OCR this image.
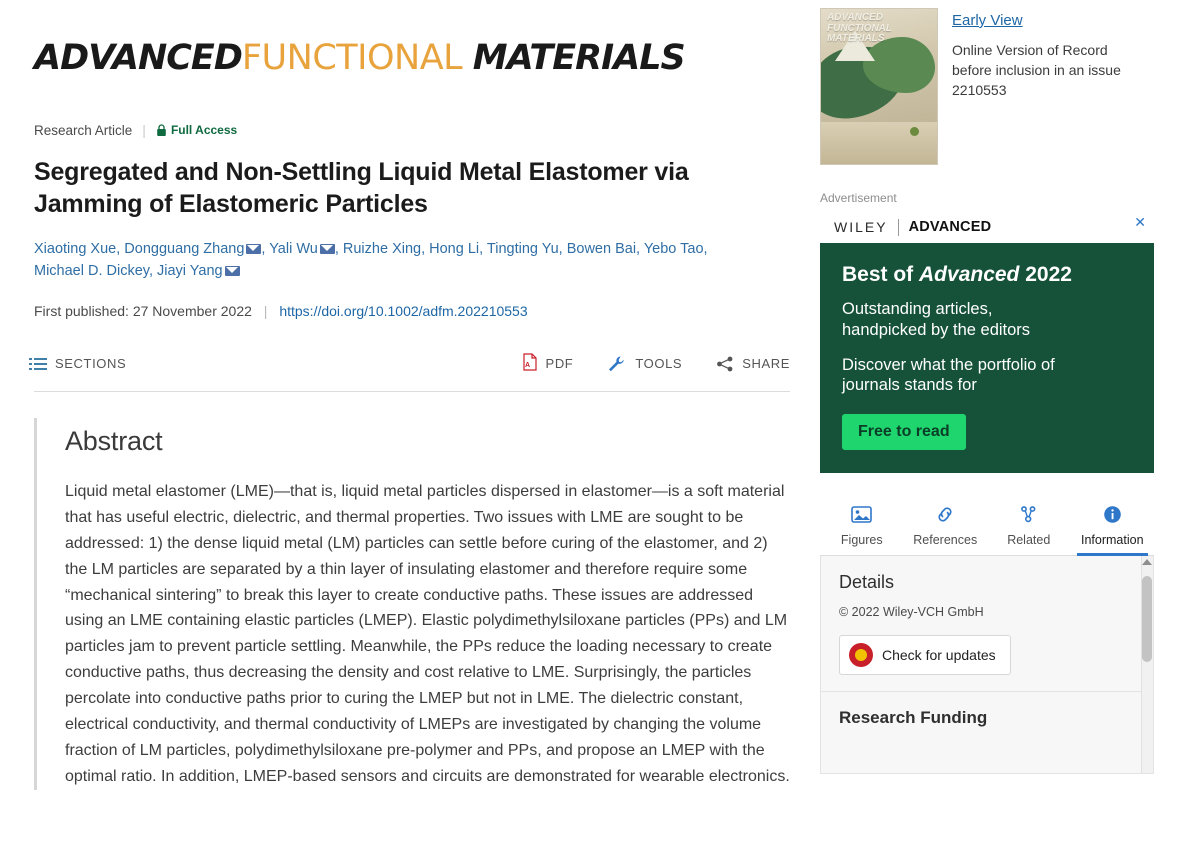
ADVANCEDFUNCTIONAL MATERIALS
Research Article | Full Access
Segregated and Non-Settling Liquid Metal Elastomer via Jamming of Elastomeric Particles
Xiaoting Xue, Dongguang Zhang , Yali Wu , Ruizhe Xing, Hong Li, Tingting Yu, Bowen Bai, Yebo Tao,
Michael D. Dickey, Jiayi Yang
First published: 27 November 2022 | https://doi.org/10.1002/adfm.202210553
SECTIONS	A PDF	TOOLS	SHARE
Abstract
Liquid metal elastomer (LME)—that is, liquid metal particles dispersed in elastomer—is a soft material that has useful electric, dielectric, and thermal properties. Two issues with LME are sought to be addressed: 1) the dense liquid metal (LM) particles can settle before curing of the elastomer, and 2) the LM particles are separated by a thin layer of insulating elastomer and therefore require some “mechanical sintering” to break this layer to create conductive paths. These issues are addressed using an LME containing elastic particles (LMEP). Elastic polydimethylsiloxane particles (PPs) and LM particles jam to prevent particle settling. Meanwhile, the PPs reduce the loading necessary to create conductive paths, thus decreasing the density and cost relative to LME. Surprisingly, the particles percolate into conductive paths prior to curing the LMEP but not in LME. The dielectric constant, electrical conductivity, and thermal conductivity of LMEPs are investigated by changing the volume fraction of LM particles, polydimethylsiloxane pre-polymer and PPs, and propose an LMEP with the optimal ratio. In addition, LMEP-based sensors and circuits are demonstrated for wearable electronics.
ADVANCED FUNCTIONAL MATERIALS
Early View
Online Version of Record
before inclusion in an issue
2210553
Advertisement
WILEY ADVANCED	✕
Best of Advanced 2022
Outstanding articles,
handpicked by the editors
Discover what the portfolio of
journals stands for
Free to read
Figures	References	Related	Information
Details
© 2022 Wiley-VCH GmbH
Check for updates
Research Funding
